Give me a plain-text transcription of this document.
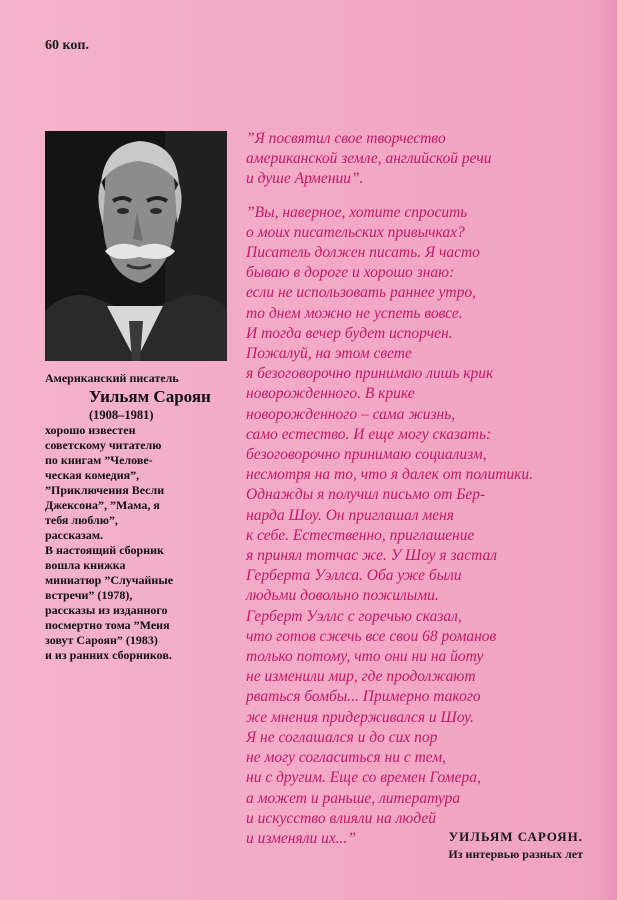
60 коп.
Американский писатель
Уильям Сароян
(1908–1981)
хорошо известен
советскому читателю
по книгам ”Челове-
ческая комедия”,
”Приключения Весли
Джексона”, ”Мама, я
тебя люблю”,
рассказам.
В настоящий сборник
вошла книжка
миниатюр ”Случайные
встречи” (1978),
рассказы из изданного
посмертно тома ”Меня
зовут Сароян” (1983)
и из ранних сборников.
”Я посвятил свое творчество
американской земле, английской речи
и душе Армении”.
”Вы, наверное, хотите спросить
о моих писательских привычках?
Писатель должен писать. Я часто
бываю в дороге и хорошо знаю:
если не использовать раннее утро,
то днем можно не успеть вовсе.
И тогда вечер будет испорчен.
Пожалуй, на этом свете
я безоговорочно принимаю лишь крик
новорожденного. В крике
новорожденного – сама жизнь,
само естество. И еще могу сказать:
безоговорочно принимаю социализм,
несмотря на то, что я далек от политики.
Однажды я получил письмо от Бер-
нарда Шоу. Он приглашал меня
к себе. Естественно, приглашение
я принял тотчас же. У Шоу я застал
Герберта Уэллса. Оба уже были
людьми довольно пожилыми.
Герберт Уэллс с горечью сказал,
что готов сжечь все свои 68 романов
только потому, что они ни на йоту
не изменили мир, где продолжают
рваться бомбы... Примерно такого
же мнения придерживался и Шоу.
Я не соглашался и до сих пор
не могу согласиться ни с тем,
ни с другим. Еще со времен Гомера,
а может и раньше, литература
и искусство влияли на людей
и изменяли их...”	УИЛЬЯМ САРОЯН.
Из интервью разных лет
